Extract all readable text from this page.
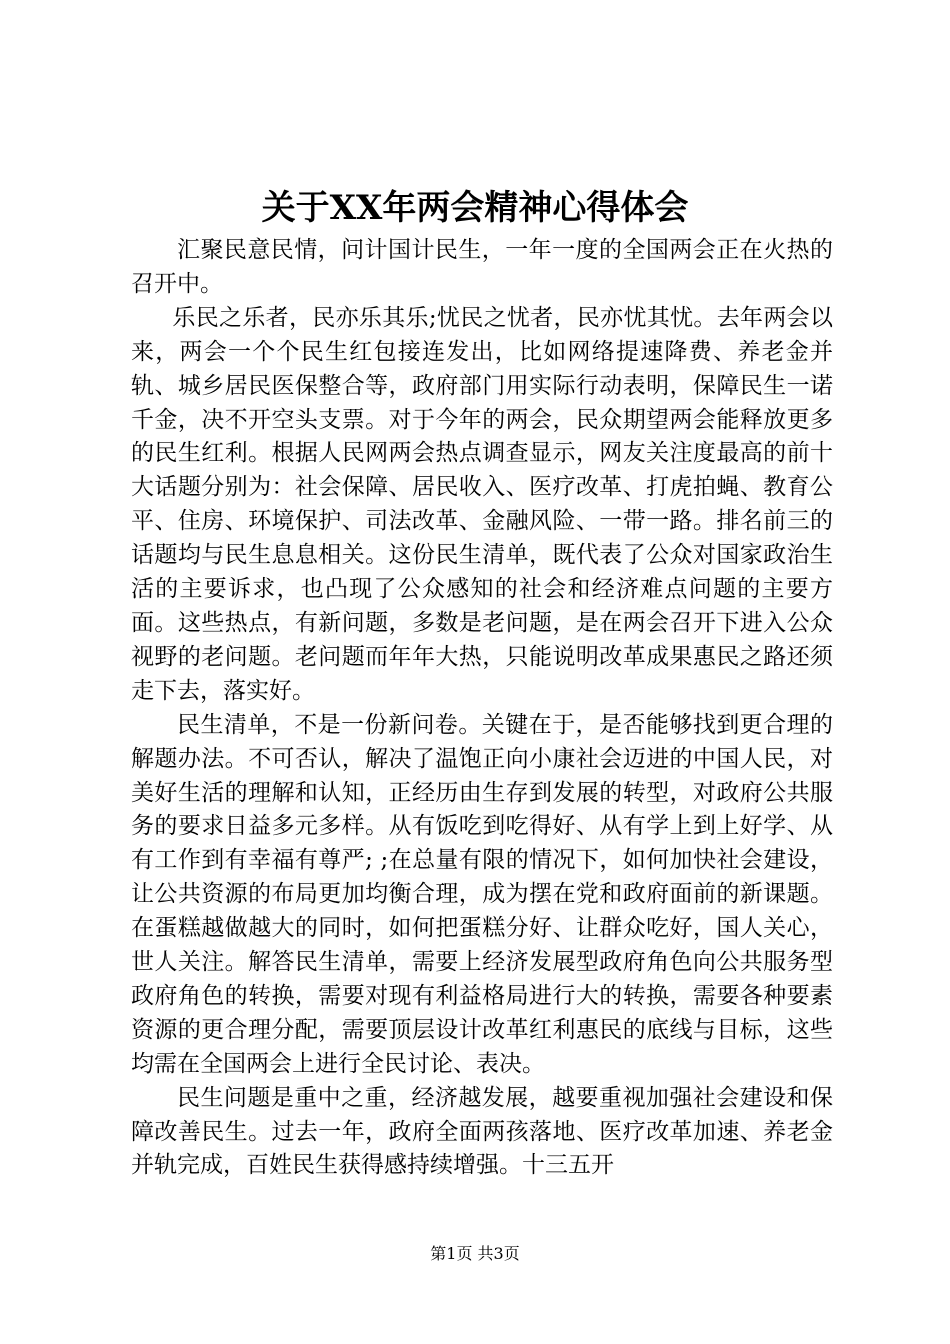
关于XX年两会精神心得体会

汇聚民意民情，问计国计民生，一年一度的全国两会正在火热的召开中。

乐民之乐者，民亦乐其乐;忧民之忧者，民亦忧其忧。去年两会以来，两会一个个民生红包接连发出，比如网络提速降费、养老金并轨、城乡居民医保整合等，政府部门用实际行动表明，保障民生一诺千金，决不开空头支票。对于今年的两会，民众期望两会能释放更多的民生红利。根据人民网两会热点调查显示，网友关注度最高的前十大话题分别为：社会保障、居民收入、医疗改革、打虎拍蝇、教育公平、住房、环境保护、司法改革、金融风险、一带一路。排名前三的话题均与民生息息相关。这份民生清单，既代表了公众对国家政治生活的主要诉求，也凸现了公众感知的社会和经济难点问题的主要方面。这些热点，有新问题，多数是老问题，是在两会召开下进入公众视野的老问题。老问题而年年大热，只能说明改革成果惠民之路还须走下去，落实好。

民生清单，不是一份新问卷。关键在于，是否能够找到更合理的解题办法。不可否认，解决了温饱正向小康社会迈进的中国人民，对美好生活的理解和认知，正经历由生存到发展的转型，对政府公共服务的要求日益多元多样。从有饭吃到吃得好、从有学上到上好学、从有工作到有幸福有尊严; ;在总量有限的情况下，如何加快社会建设，让公共资源的布局更加均衡合理，成为摆在党和政府面前的新课题。在蛋糕越做越大的同时，如何把蛋糕分好、让群众吃好，国人关心，世人关注。解答民生清单，需要上经济发展型政府角色向公共服务型政府角色的转换，需要对现有利益格局进行大的转换，需要各种要素资源的更合理分配，需要顶层设计改革红利惠民的底线与目标，这些均需在全国两会上进行全民讨论、表决。

民生问题是重中之重，经济越发展，越要重视加强社会建设和保障改善民生。过去一年，政府全面两孩落地、医疗改革加速、养老金并轨完成，百姓民生获得感持续增强。十三五开

第1页 共3页
